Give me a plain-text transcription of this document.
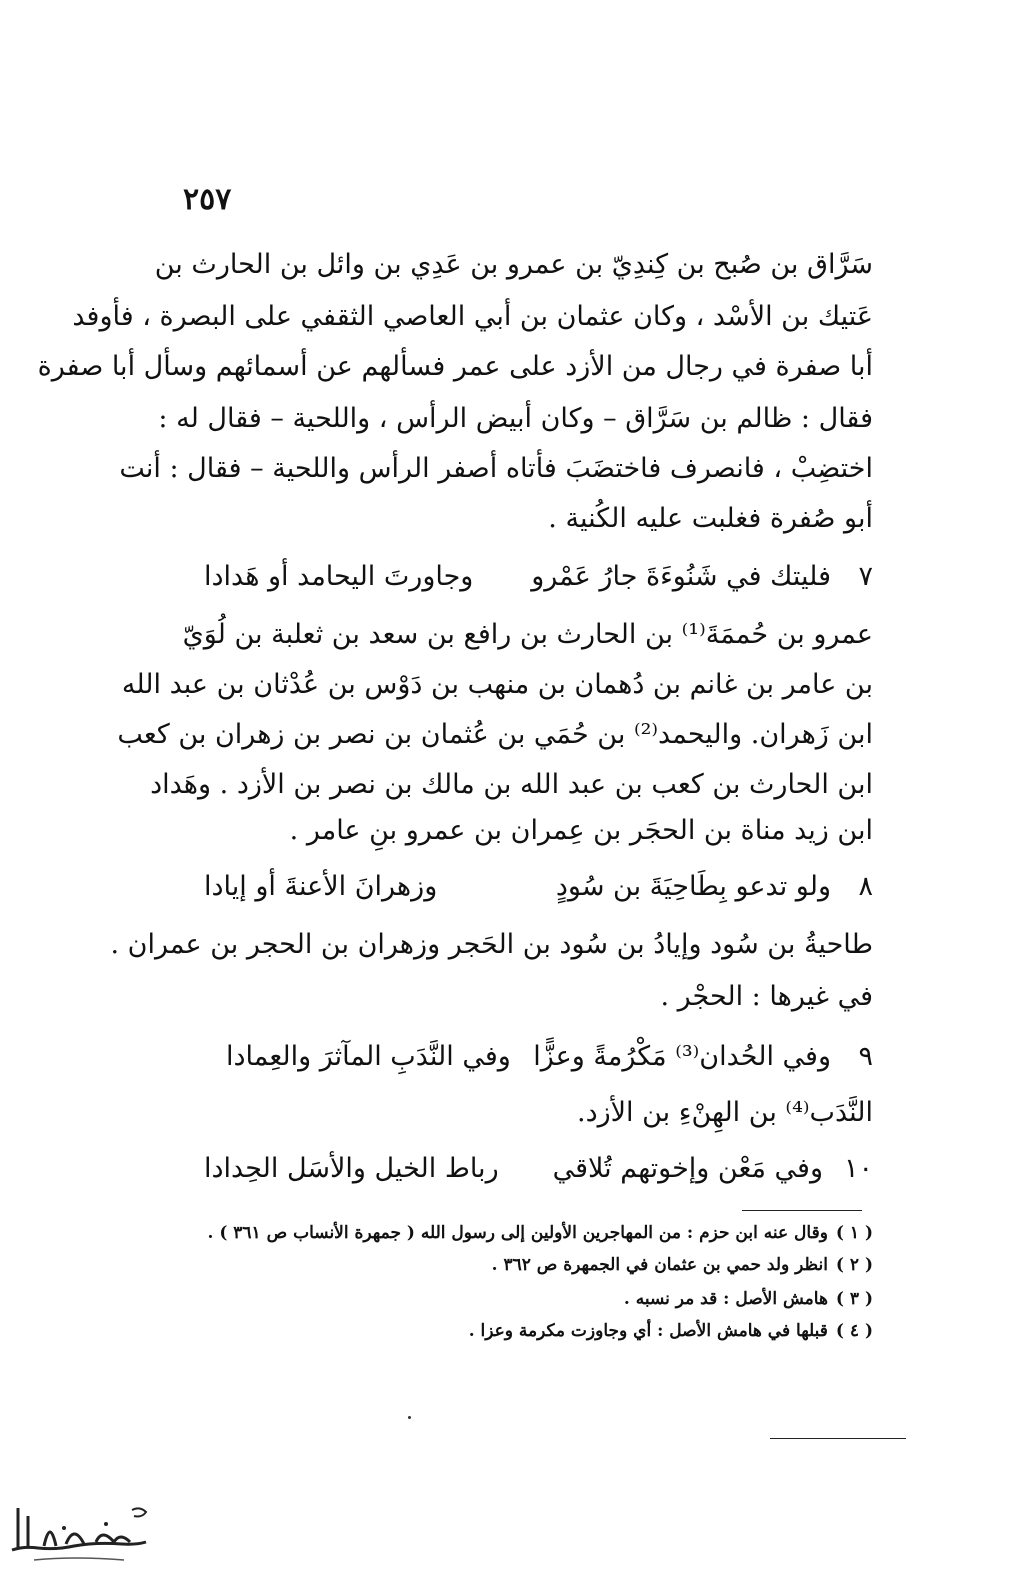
٢٥٧
سَرَّاق بن صُبح بن كِندِيّ بن عمرو بن عَدِي بن وائل بن الحارث بن
عَتيك بن الأسْد ، وكان عثمان بن أبي العاصي الثقفي على البصرة ، فأوفد
أبا صفرة في رجال من الأزد على عمر فسألهم عن أسمائهم وسأل أبا صفرة
فقال : ظالم بن سَرَّاق – وكان أبيض الرأس ، واللحية – فقال له :
اختضِبْ ، فانصرف فاختضَبَ فأتاه أصفر الرأس واللحية – فقال : أنت
أبو صُفرة فغلبت عليه الكُنية .
٧
فليتك في شَنُوءَةَ جارُ عَمْرو
وجاورتَ اليحامد أو هَدادا
عمرو بن حُممَةَ⁽¹⁾ بن الحارث بن رافع بن سعد بن ثعلبة بن لُوَيّ
بن عامر بن غانم بن دُهمان بن منهب بن دَوْس بن عُدْثان بن عبد الله
ابن زَهران. واليحمد⁽²⁾ بن حُمَي بن عُثمان بن نصر بن زهران بن كعب
ابن الحارث بن كعب بن عبد الله بن مالك بن نصر بن الأزد . وهَداد
ابن زيد مناة بن الحجَر بن عِمران بن عمرو بنِ عامر .
٨
ولو تدعو بِطَاحِيَةَ بن سُودٍ
وزهرانَ الأعنةَ أو إيادا
طاحيةُ بن سُود وإيادُ بن سُود بن الحَجر وزهران بن الحجر بن عمران .
في غيرها : الحجْر .
٩
وفي الحُدان⁽³⁾ مَكْرُمةً وعزًّا
وفي النَّدَبِ المآثرَ والعِمادا
النَّدَب⁽⁴⁾ بن الهِنْءِ بن الأزد.
١٠
وفي مَعْن وإخوتهم تُلاقي
رباط الخيل والأسَل الحِدادا
( ١ )وقال عنه ابن حزم : من المهاجرين الأولين إلى رسول الله ( جمهرة الأنساب ص ٣٦١ ) .
( ٢ )انظر ولد حمي بن عثمان في الجمهرة ص ٣٦٢ .
( ٣ )هامش الأصل : قد مر نسبه .
( ٤ )قبلها في هامش الأصل : أي وجاوزت مكرمة وعزا .
